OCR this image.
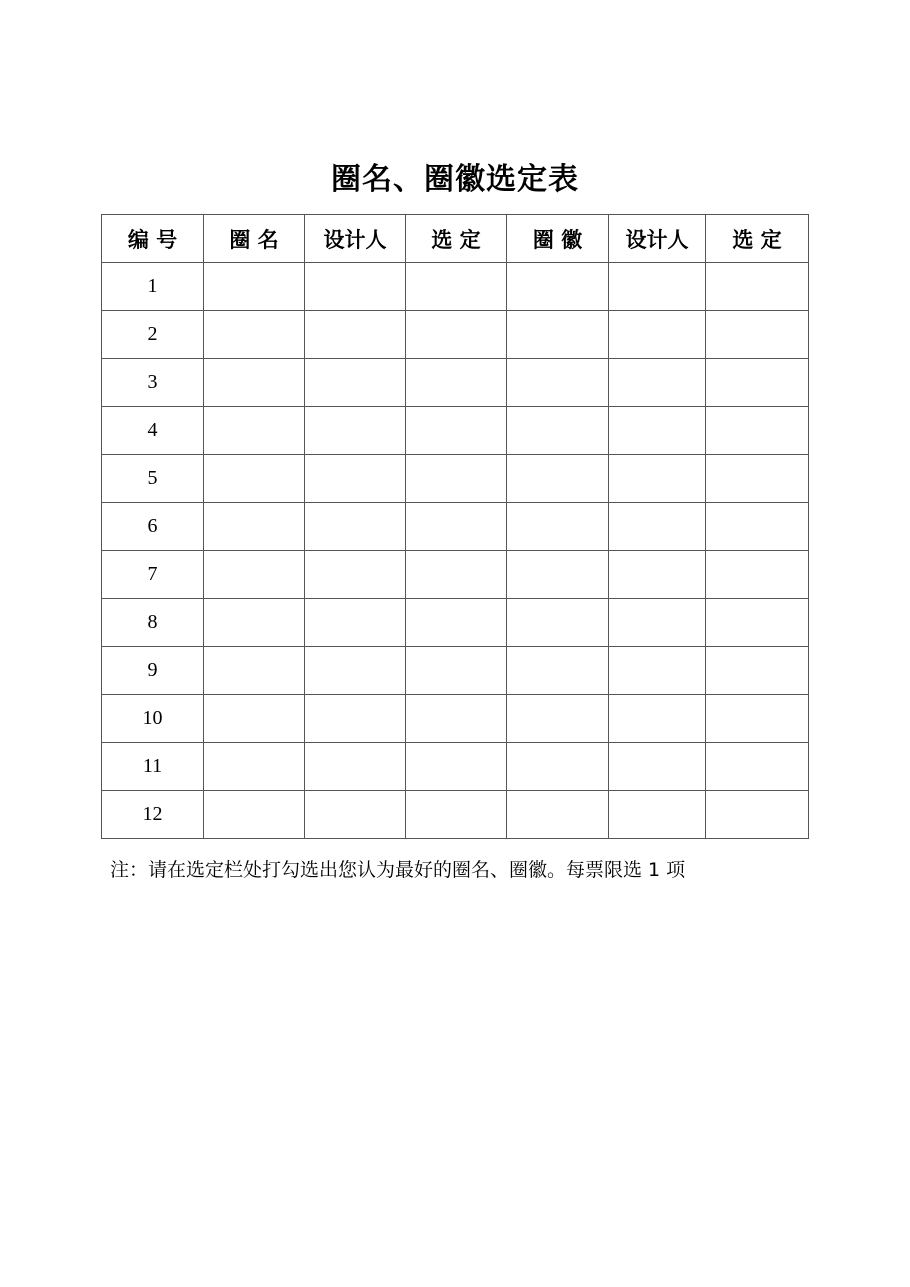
圈名、圈徽选定表
编 号	圈 名	设计人	选 定	圈 徽	设计人	选 定
1						
2						
3						
4						
5						
6						
7						
8						
9						
10						
11						
12						
注：请在选定栏处打勾选出您认为最好的圈名、圈徽。每票限选 1 项
